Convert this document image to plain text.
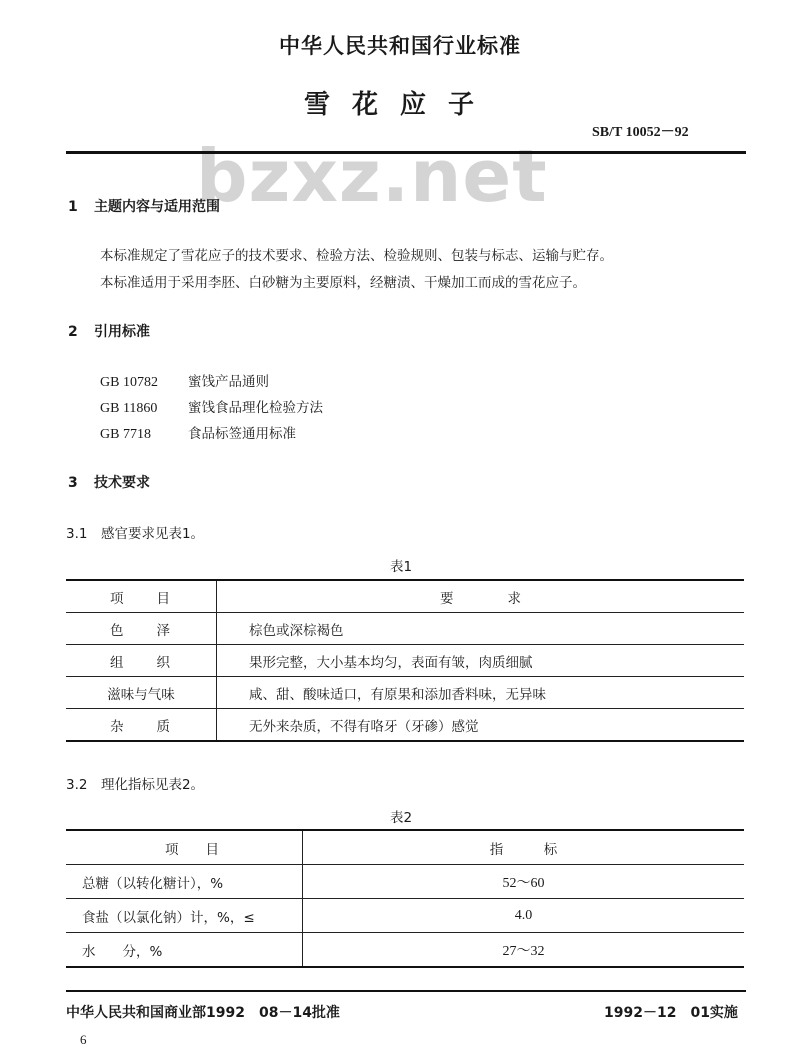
中华人民共和国行业标准
雪花应子
SB/T 10052－92
bzxz.net
1 主题内容与适用范围
本标准规定了雪花应子的技术要求、检验方法、检验规则、包装与标志、运输与贮存。
本标准适用于采用李胚、白砂糖为主要原料，经糖渍、干燥加工而成的雪花应子。
2 引用标准
GB 10782 蜜饯产品通则
GB 11860 蜜饯食品理化检验方法
GB 7718	食品标签通用标准
3 技术要求
3.1　感官要求见表1。
表1
项　　目	要　　　　求
色　　泽	棕色或深棕褐色
组　　织	果形完整，大小基本均匀，表面有皱，肉质细腻
滋味与气味	咸、甜、酸味适口，有原果和添加香料味，无异味
杂　　质	无外来杂质，不得有咯牙（牙碜）感觉
3.2　理化指标见表2。
表2
项　　目	指　　　标
总糖（以转化糖计），%	52～60
食盐（以氯化钠）计，%，≤	4.0
水　　分，%	27～32
中华人民共和国商业部1992　08－14批准	1992－12　01实施
6
